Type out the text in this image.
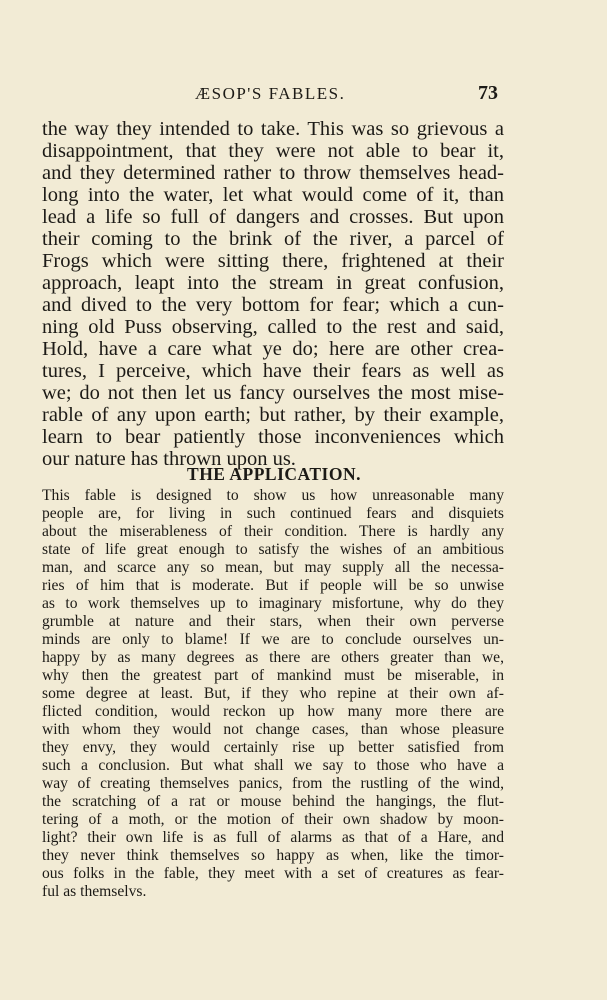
ÆSOP'S FABLES.	73
the way they intended to take. This was so grievous a
disappointment, that they were not able to bear it,
and they determined rather to throw themselves head-
long into the water, let what would come of it, than
lead a life so full of dangers and crosses. But upon
their coming to the brink of the river, a parcel of
Frogs which were sitting there, frightened at their
approach, leapt into the stream in great confusion,
and dived to the very bottom for fear; which a cun-
ning old Puss observing, called to the rest and said,
Hold, have a care what ye do; here are other crea-
tures, I perceive, which have their fears as well as
we; do not then let us fancy ourselves the most mise-
rable of any upon earth; but rather, by their example,
learn to bear patiently those inconveniences which
our nature has thrown upon us.
THE APPLICATION.
This fable is designed to show us how unreasonable many
people are, for living in such continued fears and disquiets
about the miserableness of their condition. There is hardly any
state of life great enough to satisfy the wishes of an ambitious
man, and scarce any so mean, but may supply all the necessa-
ries of him that is moderate. But if people will be so unwise
as to work themselves up to imaginary misfortune, why do they
grumble at nature and their stars, when their own perverse
minds are only to blame! If we are to conclude ourselves un-
happy by as many degrees as there are others greater than we,
why then the greatest part of mankind must be miserable, in
some degree at least. But, if they who repine at their own af-
flicted condition, would reckon up how many more there are
with whom they would not change cases, than whose pleasure
they envy, they would certainly rise up better satisfied from
such a conclusion. But what shall we say to those who have a
way of creating themselves panics, from the rustling of the wind,
the scratching of a rat or mouse behind the hangings, the flut-
tering of a moth, or the motion of their own shadow by moon-
light? their own life is as full of alarms as that of a Hare, and
they never think themselves so happy as when, like the timor-
ous folks in the fable, they meet with a set of creatures as fear-
ful as themselvs.
